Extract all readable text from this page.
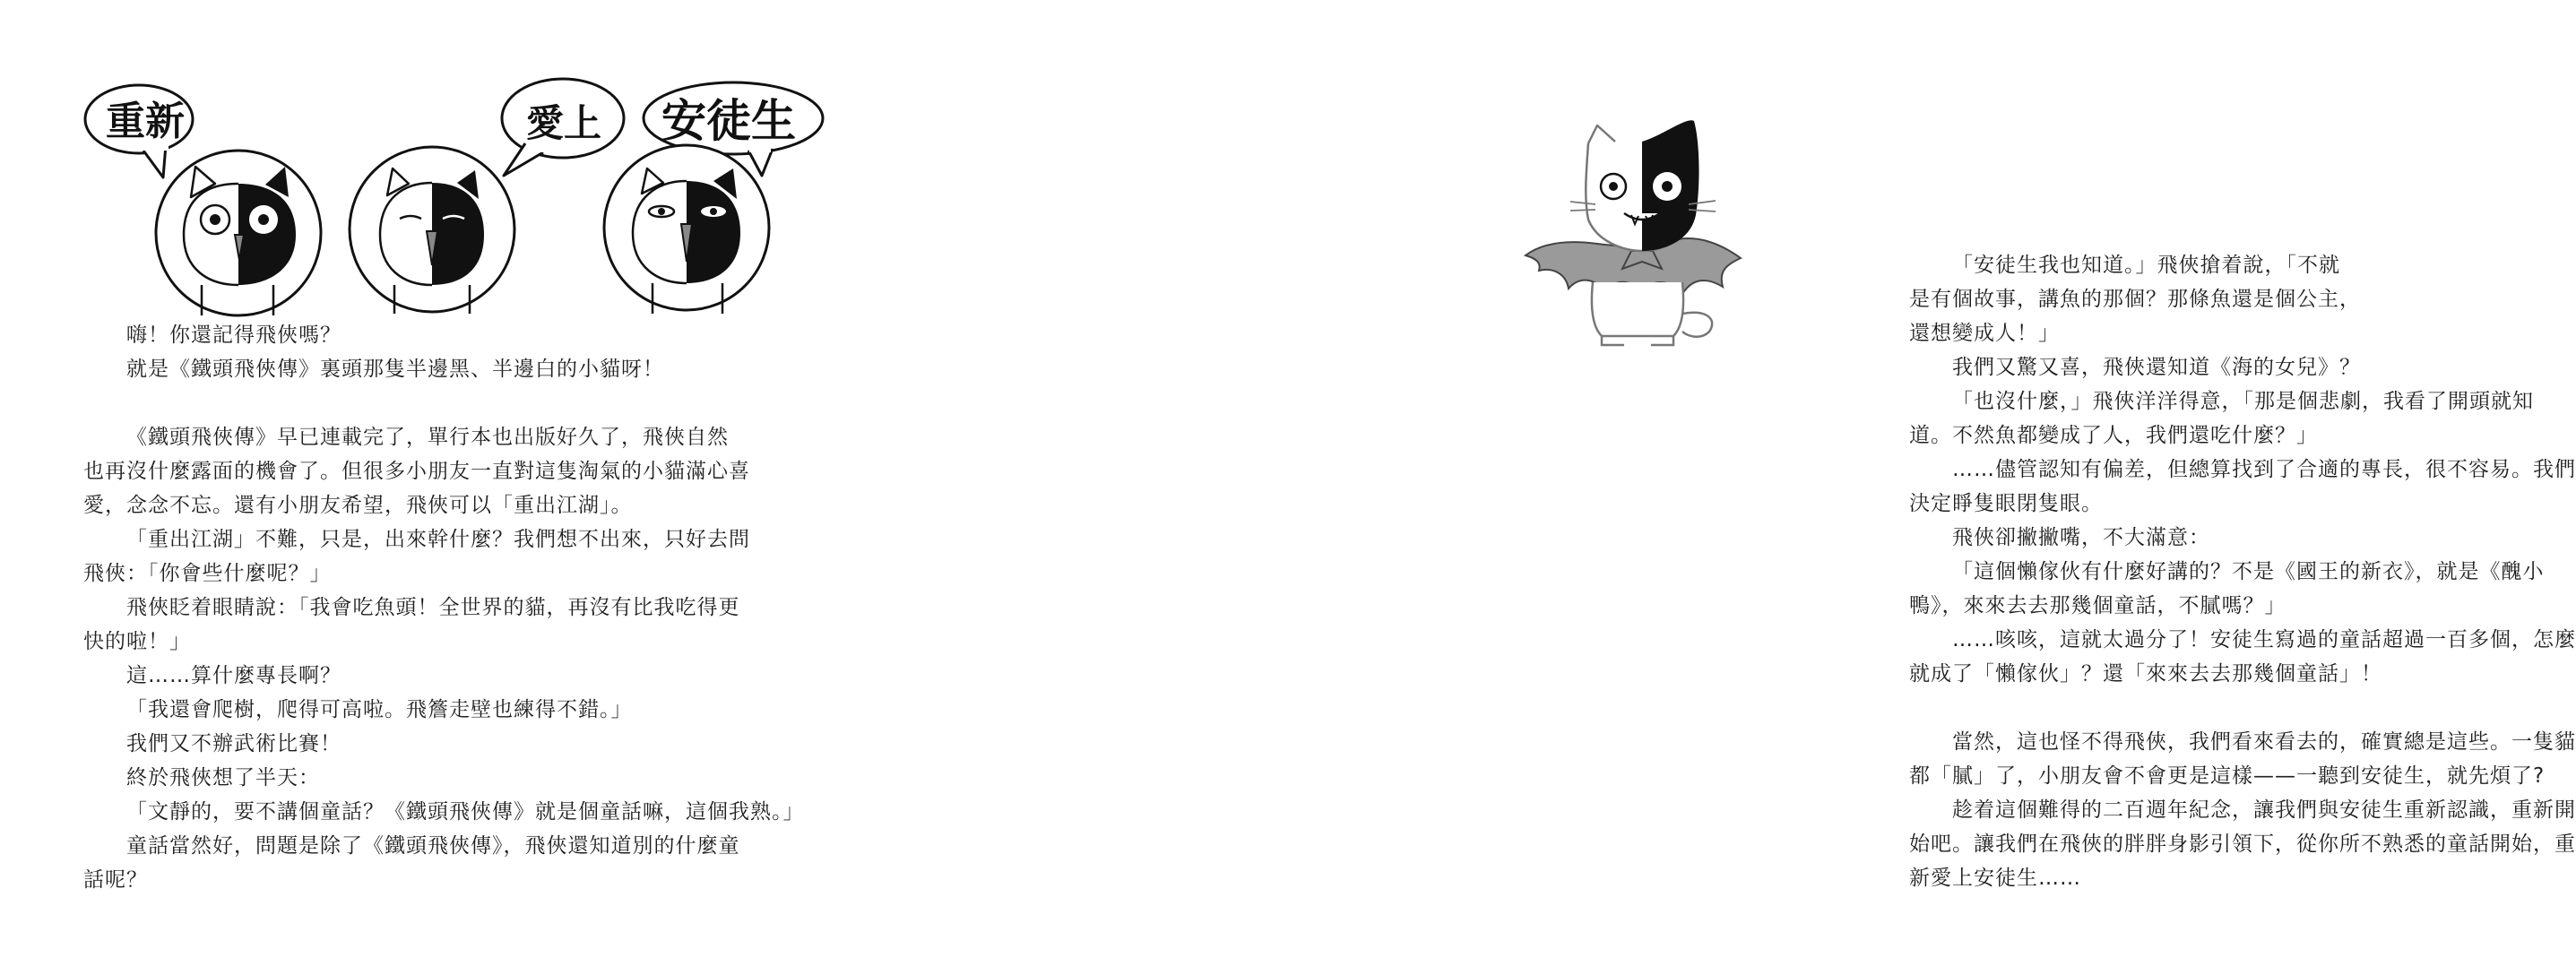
重新	愛上 安徒生

嗨！你還記得飛俠嗎？

就是《鐵頭飛俠傳》裏頭那隻半邊黑、半邊白的小貓呀！

《鐵頭飛俠傳》早已連載完了，單行本也出版好久了，飛俠自然

也再沒什麼露面的機會了。但很多小朋友一直對這隻淘氣的小貓滿心喜

愛，念念不忘。還有小朋友希望，飛俠可以「重出江湖」。

「重出江湖」不難，只是，出來幹什麼？我們想不出來，只好去問

飛俠：「你會些什麼呢？」

飛俠眨着眼睛說：「我會吃魚頭！全世界的貓，再沒有比我吃得更

快的啦！」

這……算什麼專長啊？

「我還會爬樹，爬得可高啦。飛簷走壁也練得不錯。」

我們又不辦武術比賽！

終於飛俠想了半天：

「文靜的，要不講個童話？《鐵頭飛俠傳》就是個童話嘛，這個我熟。」

童話當然好，問題是除了《鐵頭飛俠傳》，飛俠還知道別的什麼童

話呢？

「安徒生我也知道。」飛俠搶着說，「不就

是有個故事，講魚的那個？那條魚還是個公主，

還想變成人！」

我們又驚又喜，飛俠還知道《海的女兒》？

「也沒什麼，」飛俠洋洋得意，「那是個悲劇，我看了開頭就知

道。不然魚都變成了人，我們還吃什麼？」

……儘管認知有偏差，但總算找到了合適的專長，很不容易。我們

決定睜隻眼閉隻眼。

飛俠卻撇撇嘴，不大滿意：

「這個懶傢伙有什麼好講的？不是《國王的新衣》，就是《醜小

鴨》，來來去去那幾個童話，不膩嗎？」

……咳咳，這就太過分了！安徒生寫過的童話超過一百多個，怎麼

就成了「懶傢伙」？還「來來去去那幾個童話」！

當然，這也怪不得飛俠，我們看來看去的，確實總是這些。一隻貓

都「膩」了，小朋友會不會更是這樣——一聽到安徒生，就先煩了?

趁着這個難得的二百週年紀念，讓我們與安徒生重新認識，重新開

始吧。讓我們在飛俠的胖胖身影引領下，從你所不熟悉的童話開始，重

新愛上安徒生……
